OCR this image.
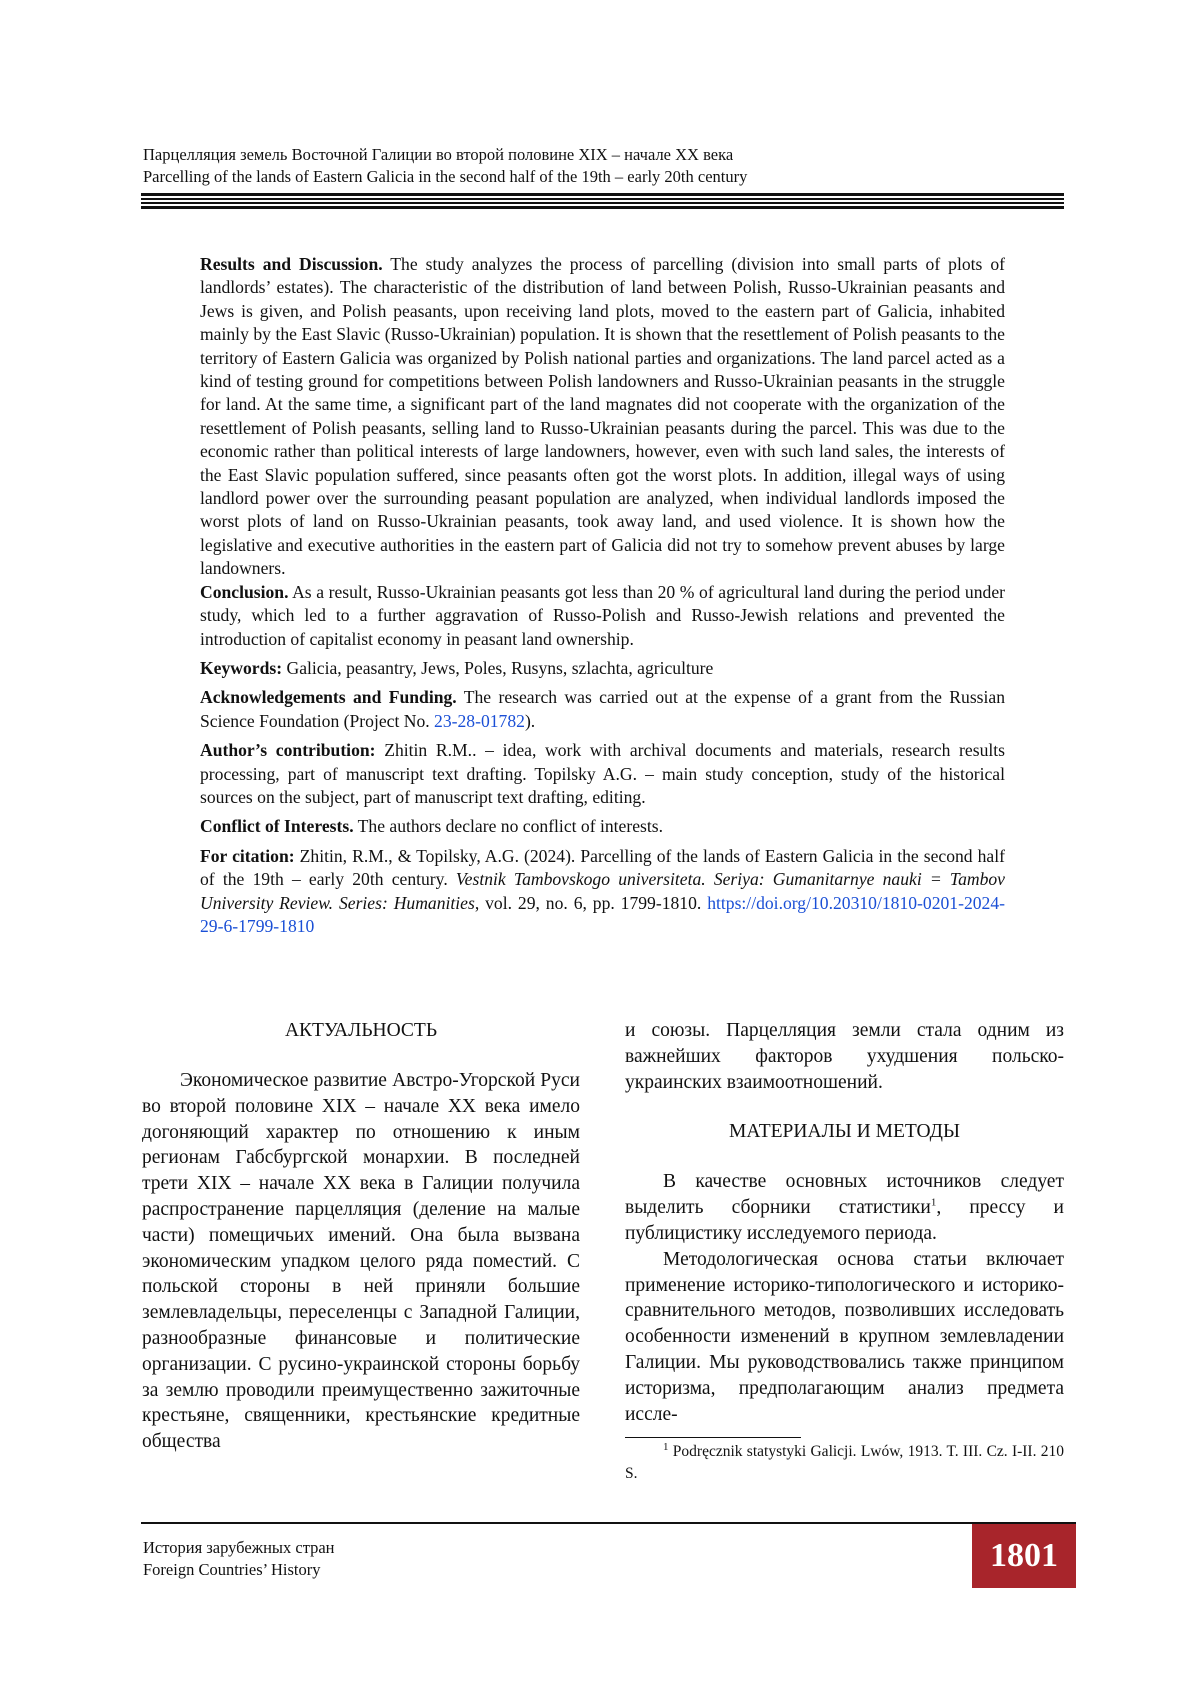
Парцелляция земель Восточной Галиции во второй половине XIX – начале XX века
Parcelling of the lands of Eastern Galicia in the second half of the 19th – early 20th century

Results and Discussion. The study analyzes the process of parcelling (division into small parts of plots of landlords’ estates). The characteristic of the distribution of land between Polish, Russo-Ukrainian peasants and Jews is given, and Polish peasants, upon receiving land plots, moved to the eastern part of Galicia, inhabited mainly by the East Slavic (Russo-Ukrainian) population. It is shown that the resettlement of Polish peasants to the territory of Eastern Galicia was organized by Polish national parties and organizations. The land parcel acted as a kind of testing ground for competitions between Polish landowners and Russo-Ukrainian peasants in the struggle for land. At the same time, a significant part of the land magnates did not cooperate with the organization of the resettlement of Polish peasants, selling land to Russo-Ukrainian peasants during the parcel. This was due to the economic rather than political interests of large landowners, however, even with such land sales, the interests of the East Slavic population suffered, since peasants often got the worst plots. In addition, illegal ways of using landlord power over the surrounding peasant population are analyzed, when individual landlords imposed the worst plots of land on Russo-Ukrainian peasants, took away land, and used violence. It is shown how the legislative and executive authorities in the eastern part of Galicia did not try to somehow prevent abuses by large landowners.

Conclusion. As a result, Russo-Ukrainian peasants got less than 20 % of agricultural land during the period under study, which led to a further aggravation of Russo-Polish and Russo-Jewish relations and prevented the introduction of capitalist economy in peasant land ownership.

Keywords: Galicia, peasantry, Jews, Poles, Rusyns, szlachta, agriculture

Acknowledgements and Funding. The research was carried out at the expense of a grant from the Russian Science Foundation (Project No. 23-28-01782).

Author’s contribution: Zhitin R.M.. – idea, work with archival documents and materials, research results processing, part of manuscript text drafting. Topilsky A.G. – main study conception, study of the historical sources on the subject, part of manuscript text drafting, editing.

Conflict of Interests. The authors declare no conflict of interests.

For citation: Zhitin, R.M., & Topilsky, A.G. (2024). Parcelling of the lands of Eastern Galicia in the second half of the 19th – early 20th century. Vestnik Tambovskogo universiteta. Seriya: Gumanitarnye nauki = Tambov University Review. Series: Humanities, vol. 29, no. 6, pp. 1799-1810. https://doi.org/10.20310/1810-0201-2024-29-6-1799-1810

АКТУАЛЬНОСТЬ

Экономическое развитие Австро-Угорской Руси во второй половине XIX – начале XX века имело догоняющий характер по отношению к иным регионам Габсбургской монархии. В последней трети XIX – начале XX века в Галиции получила распространение парцелляция (деление на малые части) помещичьих имений. Она была вызвана экономическим упадком целого ряда поместий. С польской стороны в ней приняли большие землевладельцы, переселенцы с Западной Галиции, разнообразные финансовые и политические организации. С русино-украинской стороны борьбу за землю проводили преимущественно зажиточные крестьяне, священники, крестьянские кредитные общества

и союзы. Парцелляция земли стала одним из важнейших факторов ухудшения польско-украинских взаимоотношений.

МАТЕРИАЛЫ И МЕТОДЫ

В качестве основных источников следует выделить сборники статистики$^1$, прессу и публицистику исследуемого периода.

Методологическая основа статьи включает применение историко-типологического и историко-сравнительного методов, позволивших исследовать особенности изменений в крупном землевладении Галиции. Мы руководствовались также принципом историзма, предполагающим анализ предмета иссле-

$^1$ Podręcznik statystyki Galicji. Lwów, 1913. T. III. Cz. I-II. 210 S.
История зарубежных стран
Foreign Countries’ History	1801
